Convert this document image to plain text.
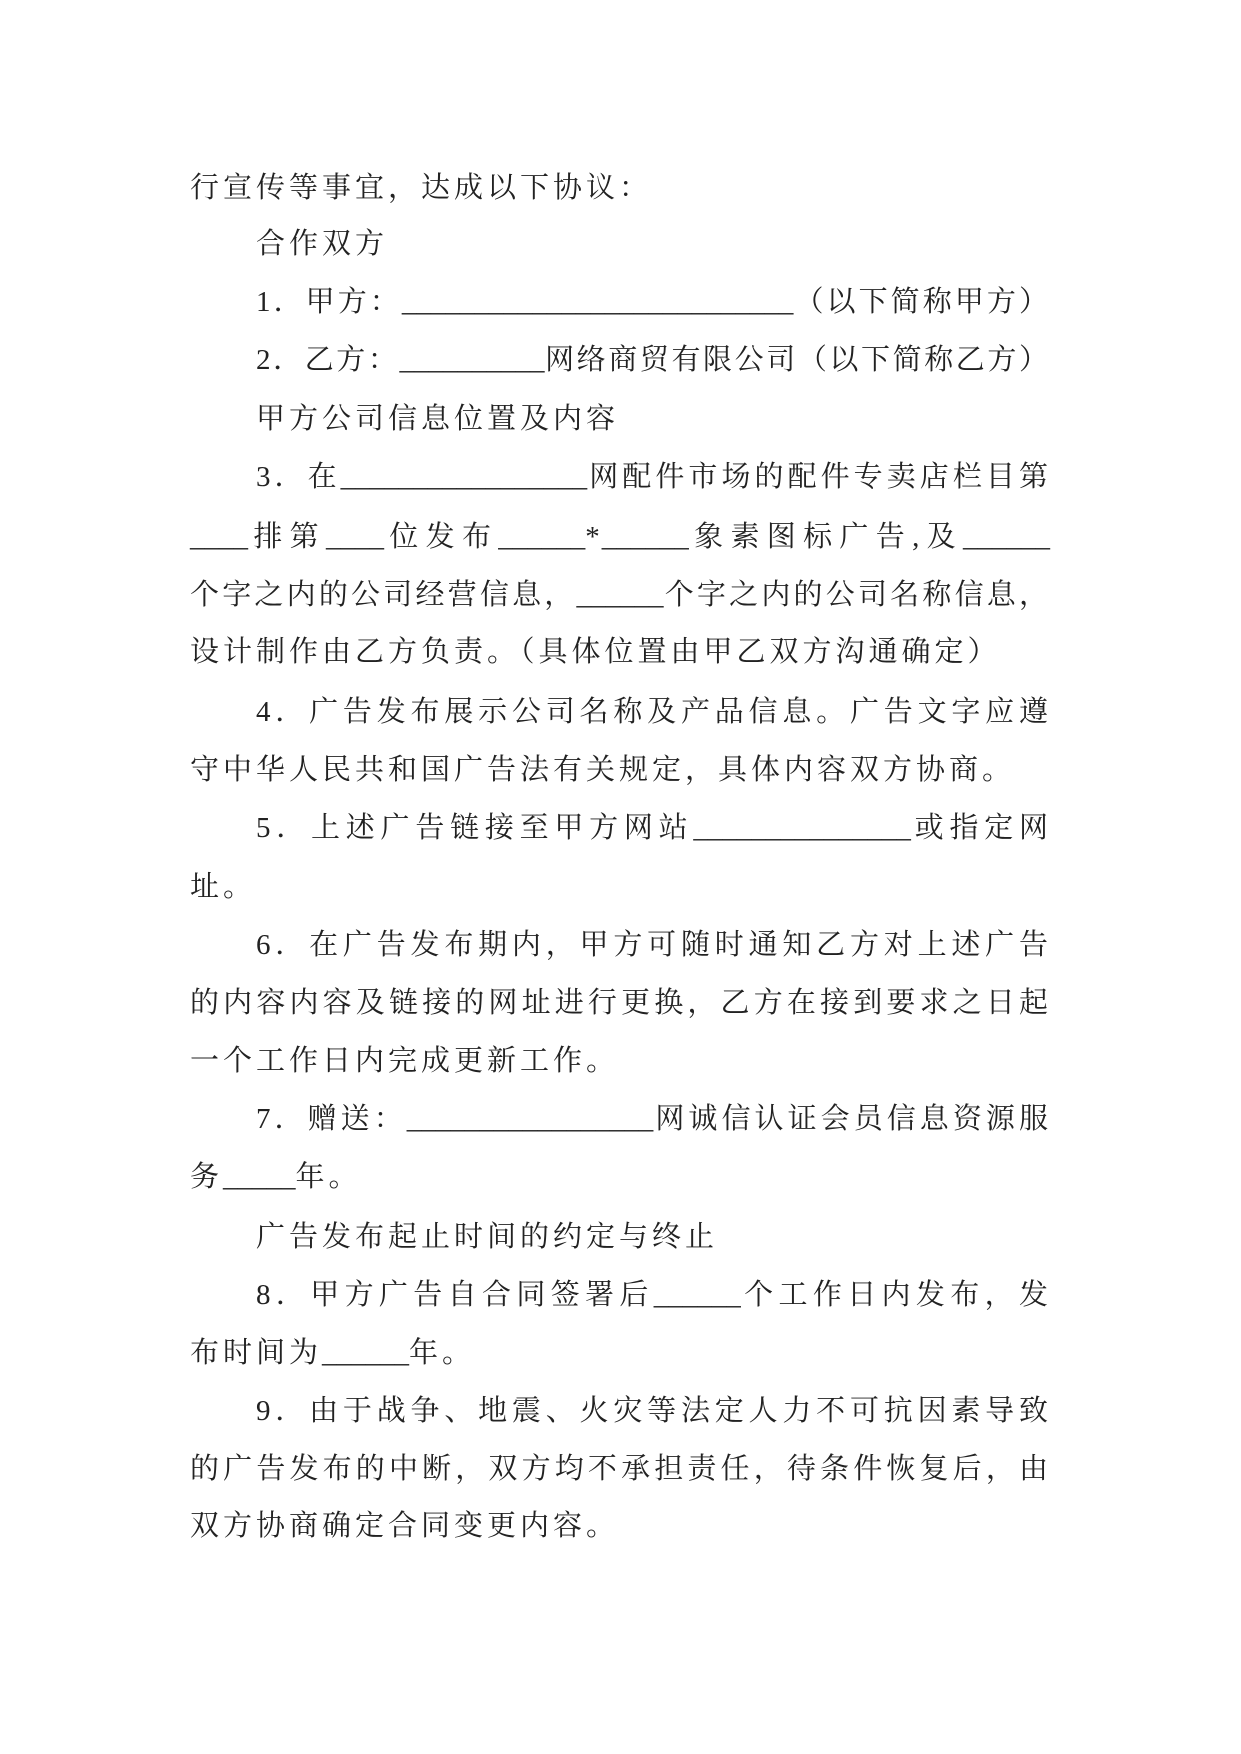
行宣传等事宜，达成以下协议：
合作双方
1．甲方：___________________________（以下简称甲方）
2．乙方：__________网络商贸有限公司（以下简称乙方）
甲方公司信息位置及内容
3．在_________________网配件市场的配件专卖店栏目第
____排第____位发布______*______象素图标广告,及______
个字之内的公司经营信息，______个字之内的公司名称信息，
设计制作由乙方负责。（具体位置由甲乙双方沟通确定）
4．广告发布展示公司名称及产品信息。广告文字应遵
守中华人民共和国广告法有关规定，具体内容双方协商。
5．上述广告链接至甲方网站_______________或指定网
址。
6．在广告发布期内，甲方可随时通知乙方对上述广告
的内容内容及链接的网址进行更换，乙方在接到要求之日起
一个工作日内完成更新工作。
7．赠送：_________________网诚信认证会员信息资源服
务_____年。
广告发布起止时间的约定与终止
8．甲方广告自合同签署后______个工作日内发布，发
布时间为______年。
9．由于战争、地震、火灾等法定人力不可抗因素导致
的广告发布的中断，双方均不承担责任，待条件恢复后，由
双方协商确定合同变更内容。
